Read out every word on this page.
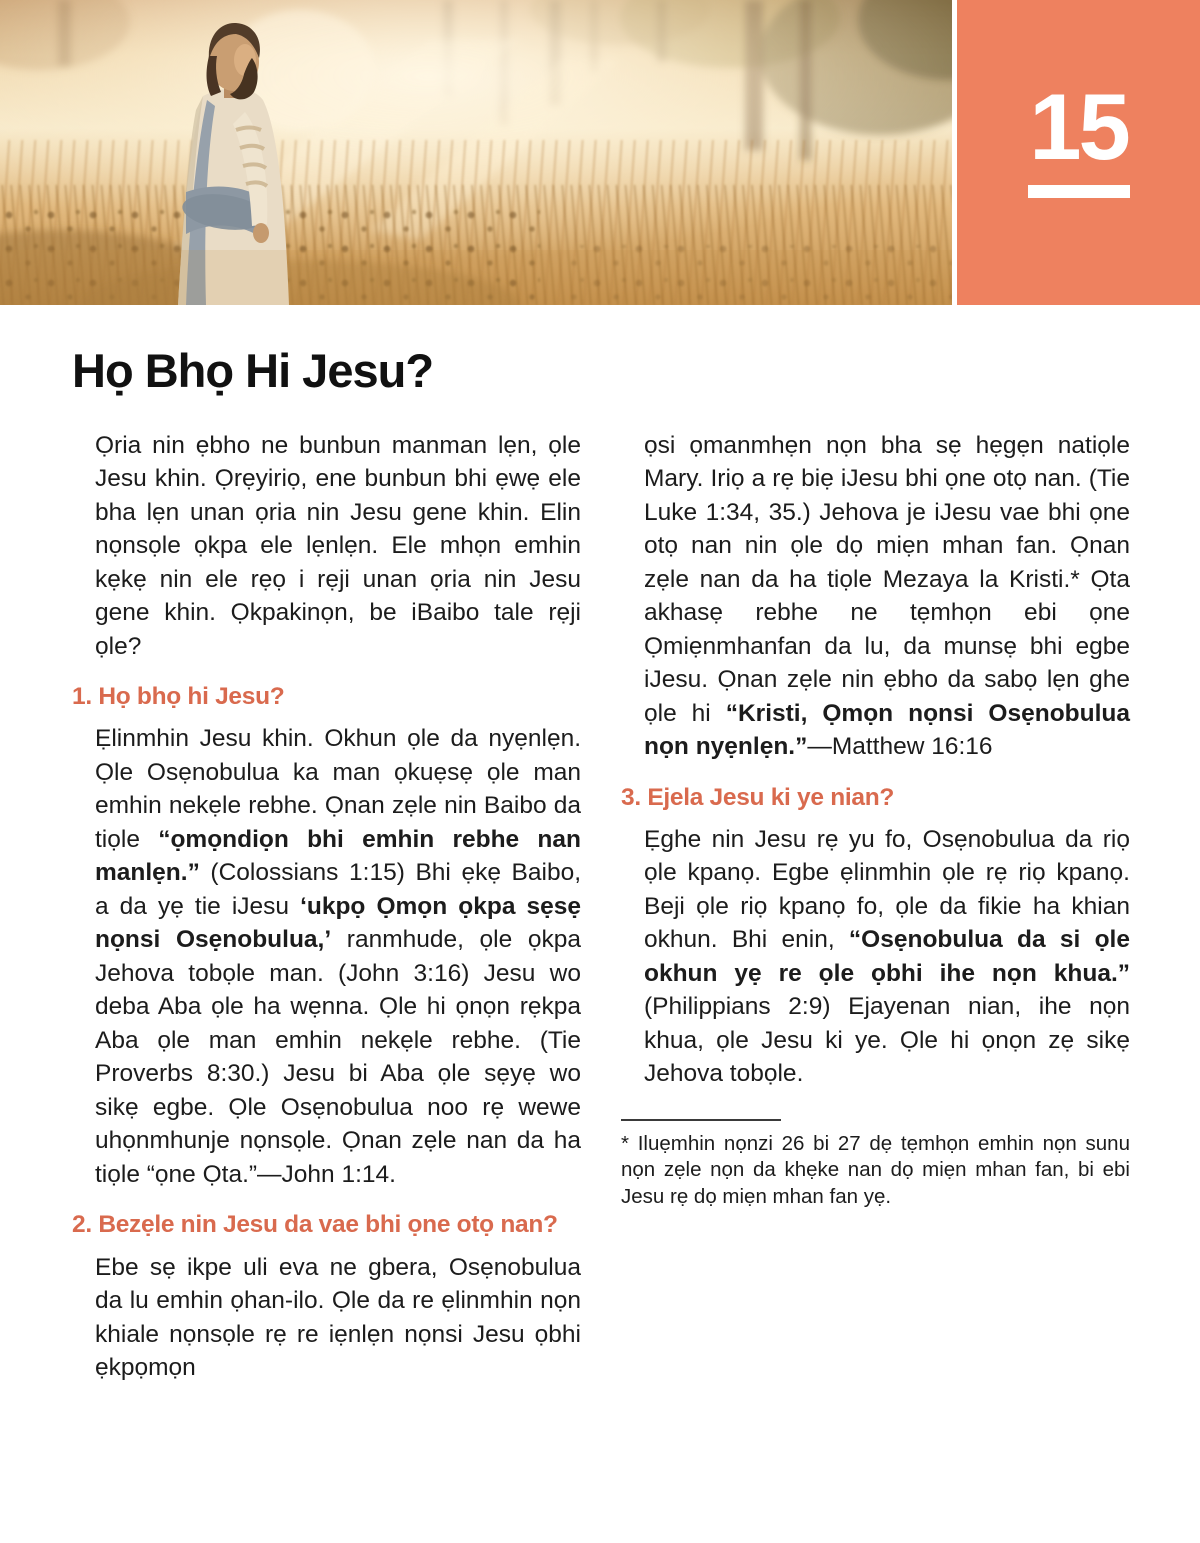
15
Họ Bhọ Hi Jesu?

Ọria nin ẹbho ne bunbun manman lẹn, ọle Jesu khin. Ọrẹyiriọ, ene bunbun bhi ẹwẹ ele bha lẹn unan ọria nin Jesu gene khin. Elin nọnsọle ọkpa ele lẹnlẹn. Ele mhọn emhin kẹkẹ nin ele rẹọ i rẹji unan ọria nin Jesu gene khin. Ọkpakinọn, be iBaibo tale rẹji ọle?

1. Họ bhọ hi Jesu?

Ẹlinmhin Jesu khin. Okhun ọle da nyẹnlẹn. Ọle Osẹnobulua ka man ọkuẹsẹ ọle man emhin nekẹle rebhe. Ọnan zẹle nin Baibo da tiọle “ọmọndiọn bhi emhin rebhe nan manlẹn.” (Colossians 1:15) Bhi ẹkẹ Baibo, a da yẹ tie iJesu ‘ukpọ Ọmọn ọkpa sẹsẹ nọnsi Osẹnobulua,’ ranmhude, ọle ọkpa Jehova tobọle man. (John 3:16) Jesu wo deba Aba ọle ha wẹnna. Ọle hi ọnọn rẹkpa Aba ọle man emhin nekẹle rebhe. (Tie Proverbs 8:30.) Jesu bi Aba ọle sẹyẹ wo sikẹ egbe. Ọle Osẹnobulua noo rẹ wewe uhọnmhunje nọnsọle. Ọnan zẹle nan da ha tiọle “ọne Ọta.”—John 1:14.

2. Bezẹle nin Jesu da vae bhi ọne otọ nan?

Ebe sẹ ikpe uli eva ne gbera, Osẹnobulua da lu emhin ọhan-ilo. Ọle da re ẹlinmhin nọn khiale nọnsọle rẹ re iẹnlẹn nọnsi Jesu ọbhi ẹkpọmọn

ọsi ọmanmhẹn nọn bha sẹ hẹgẹn natiọle Mary. Iriọ a rẹ biẹ iJesu bhi ọne otọ nan. (Tie Luke 1:34, 35.) Jehova je iJesu vae bhi ọne otọ nan nin ọle dọ miẹn mhan fan. Ọnan zẹle nan da ha tiọle Mezaya la Kristi.* Ọta akhasẹ rebhe ne tẹmhọn ebi ọne Ọmiẹnmhanfan da lu, da munsẹ bhi egbe iJesu. Ọnan zẹle nin ẹbho da sabọ lẹn ghe ọle hi “Kristi, Ọmọn nọnsi Osẹnobulua nọn nyẹnlẹn.”—Matthew 16:16

3. Ejela Jesu ki ye nian?

Ẹghe nin Jesu rẹ yu fo, Osẹnobulua da riọ ọle kpanọ. Egbe ẹlinmhin ọle rẹ riọ kpanọ. Beji ọle riọ kpanọ fo, ọle da fikie ha khian okhun. Bhi enin, “Osẹnobulua da si ọle okhun yẹ re ọle ọbhi ihe nọn khua.” (Philippians 2:9) Ejayenan nian, ihe nọn khua, ọle Jesu ki ye. Ọle hi ọnọn zẹ sikẹ Jehova tobọle.

* Iluẹmhin nọnzi 26 bi 27 dẹ tẹmhọn emhin nọn sunu nọn zẹle nọn da khẹke nan dọ miẹn mhan fan, bi ebi Jesu rẹ dọ miẹn mhan fan yẹ.
